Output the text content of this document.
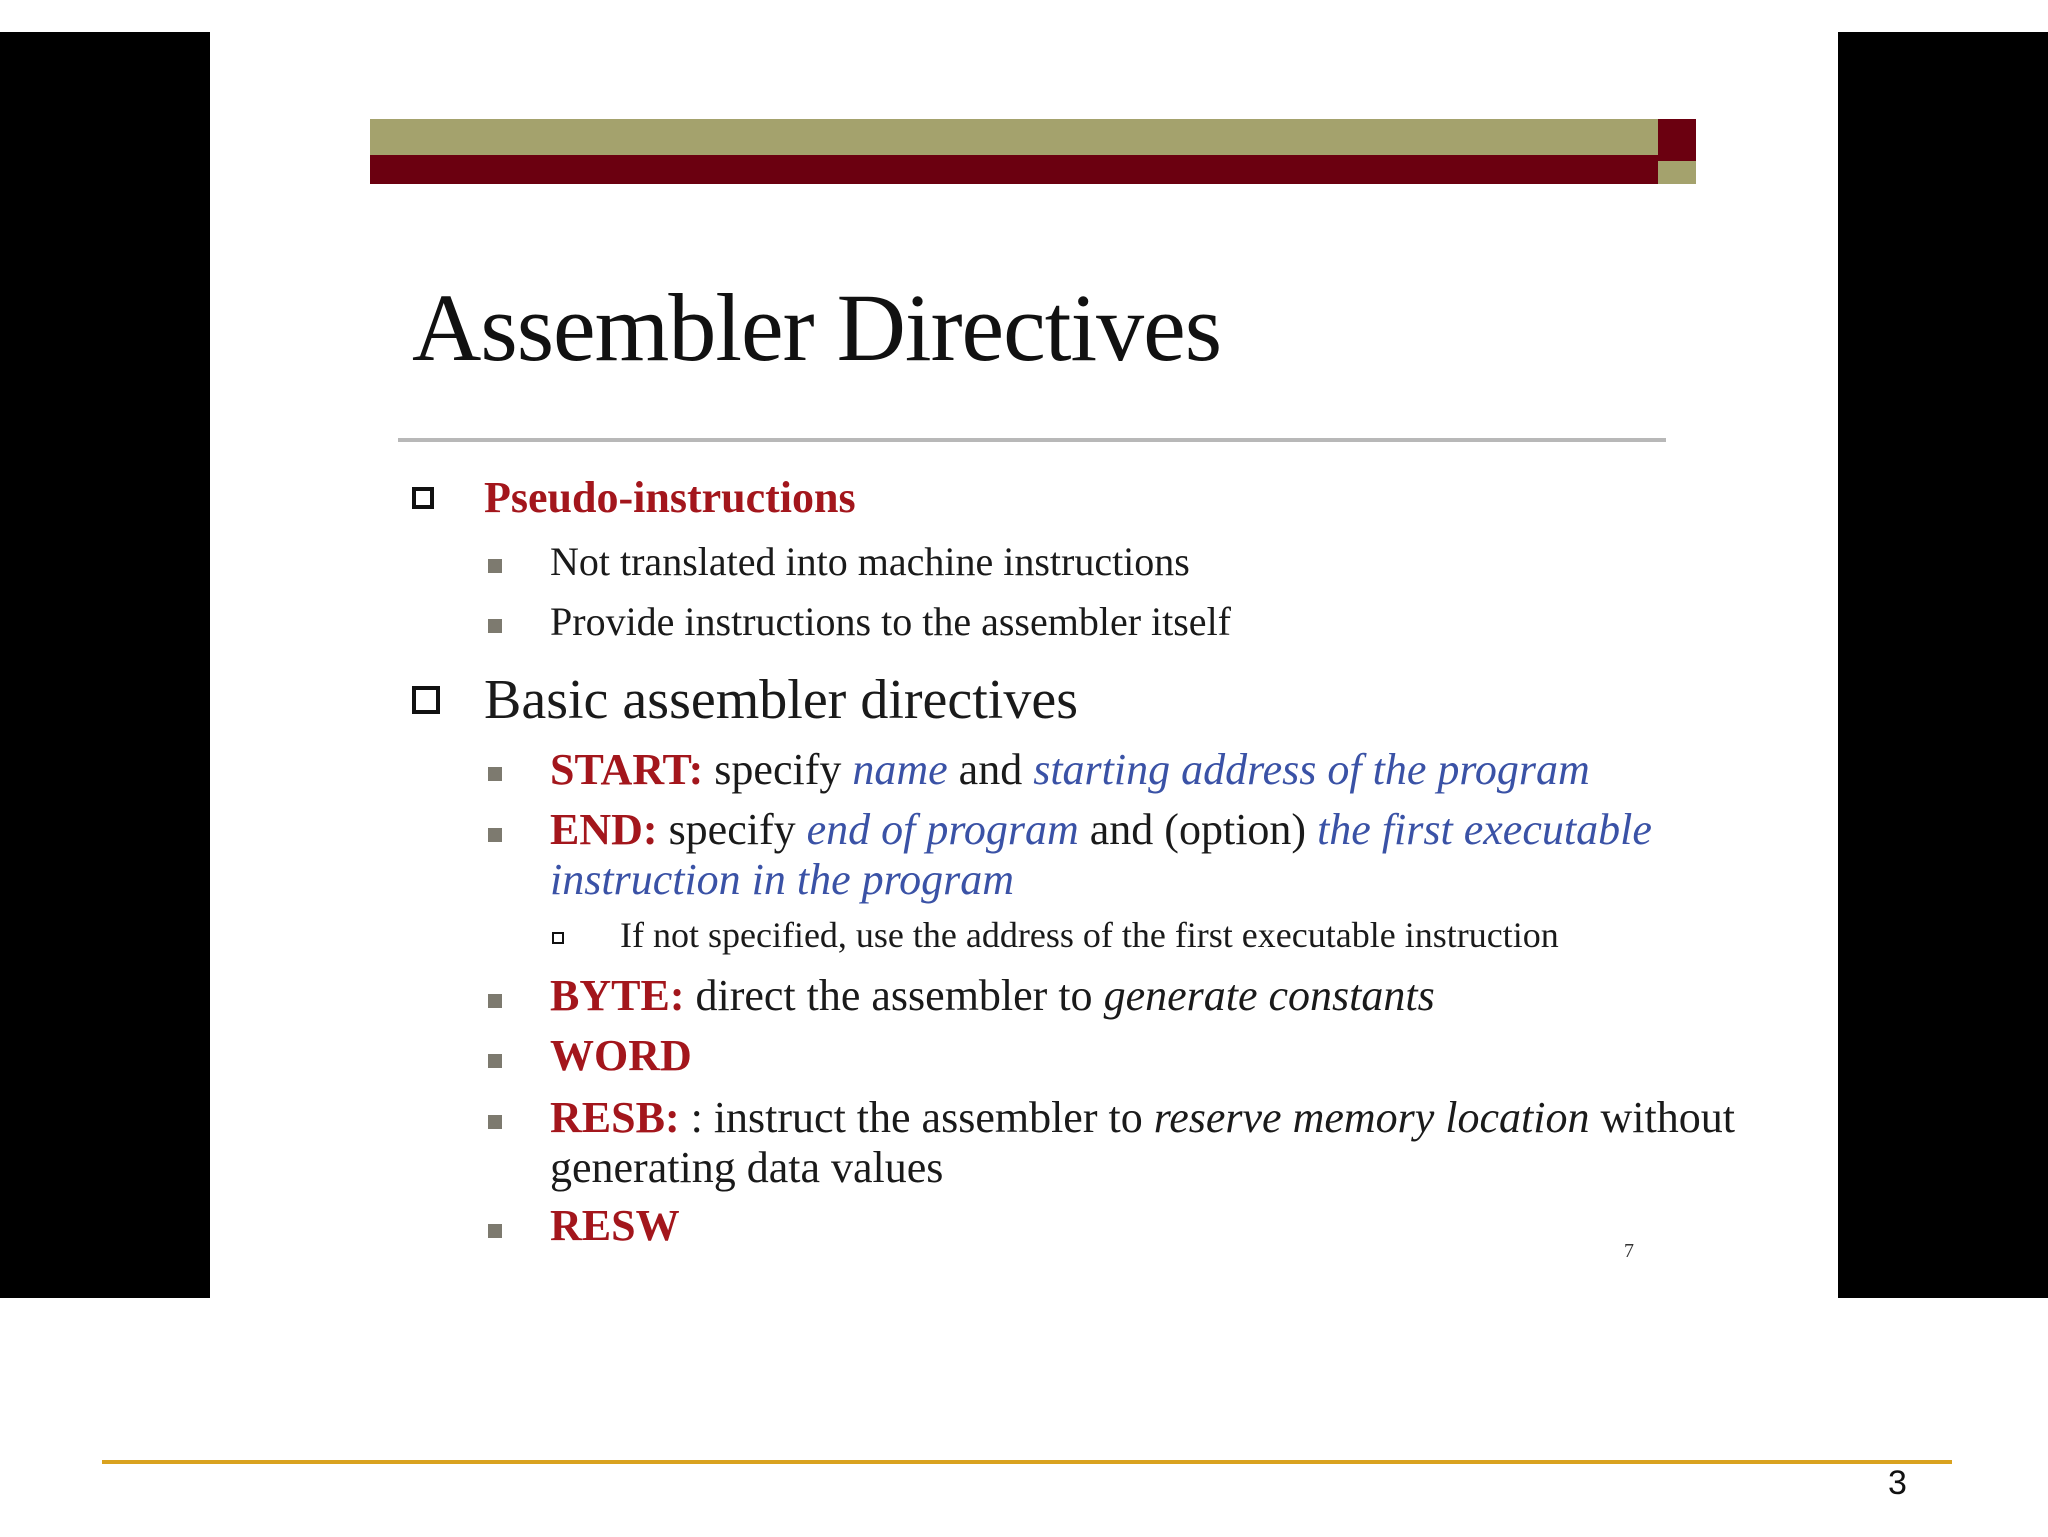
Assembler Directives
Pseudo-instructions
Not translated into machine instructions
Provide instructions to the assembler itself
Basic assembler directives
START: specify name and starting address of the program
END: specify end of program and (option) the first executable
instruction in the program
If not specified, use the address of the first executable instruction
BYTE: direct the assembler to generate constants
WORD
RESB: : instruct the assembler to reserve memory location without
generating data values
RESW
7
3
